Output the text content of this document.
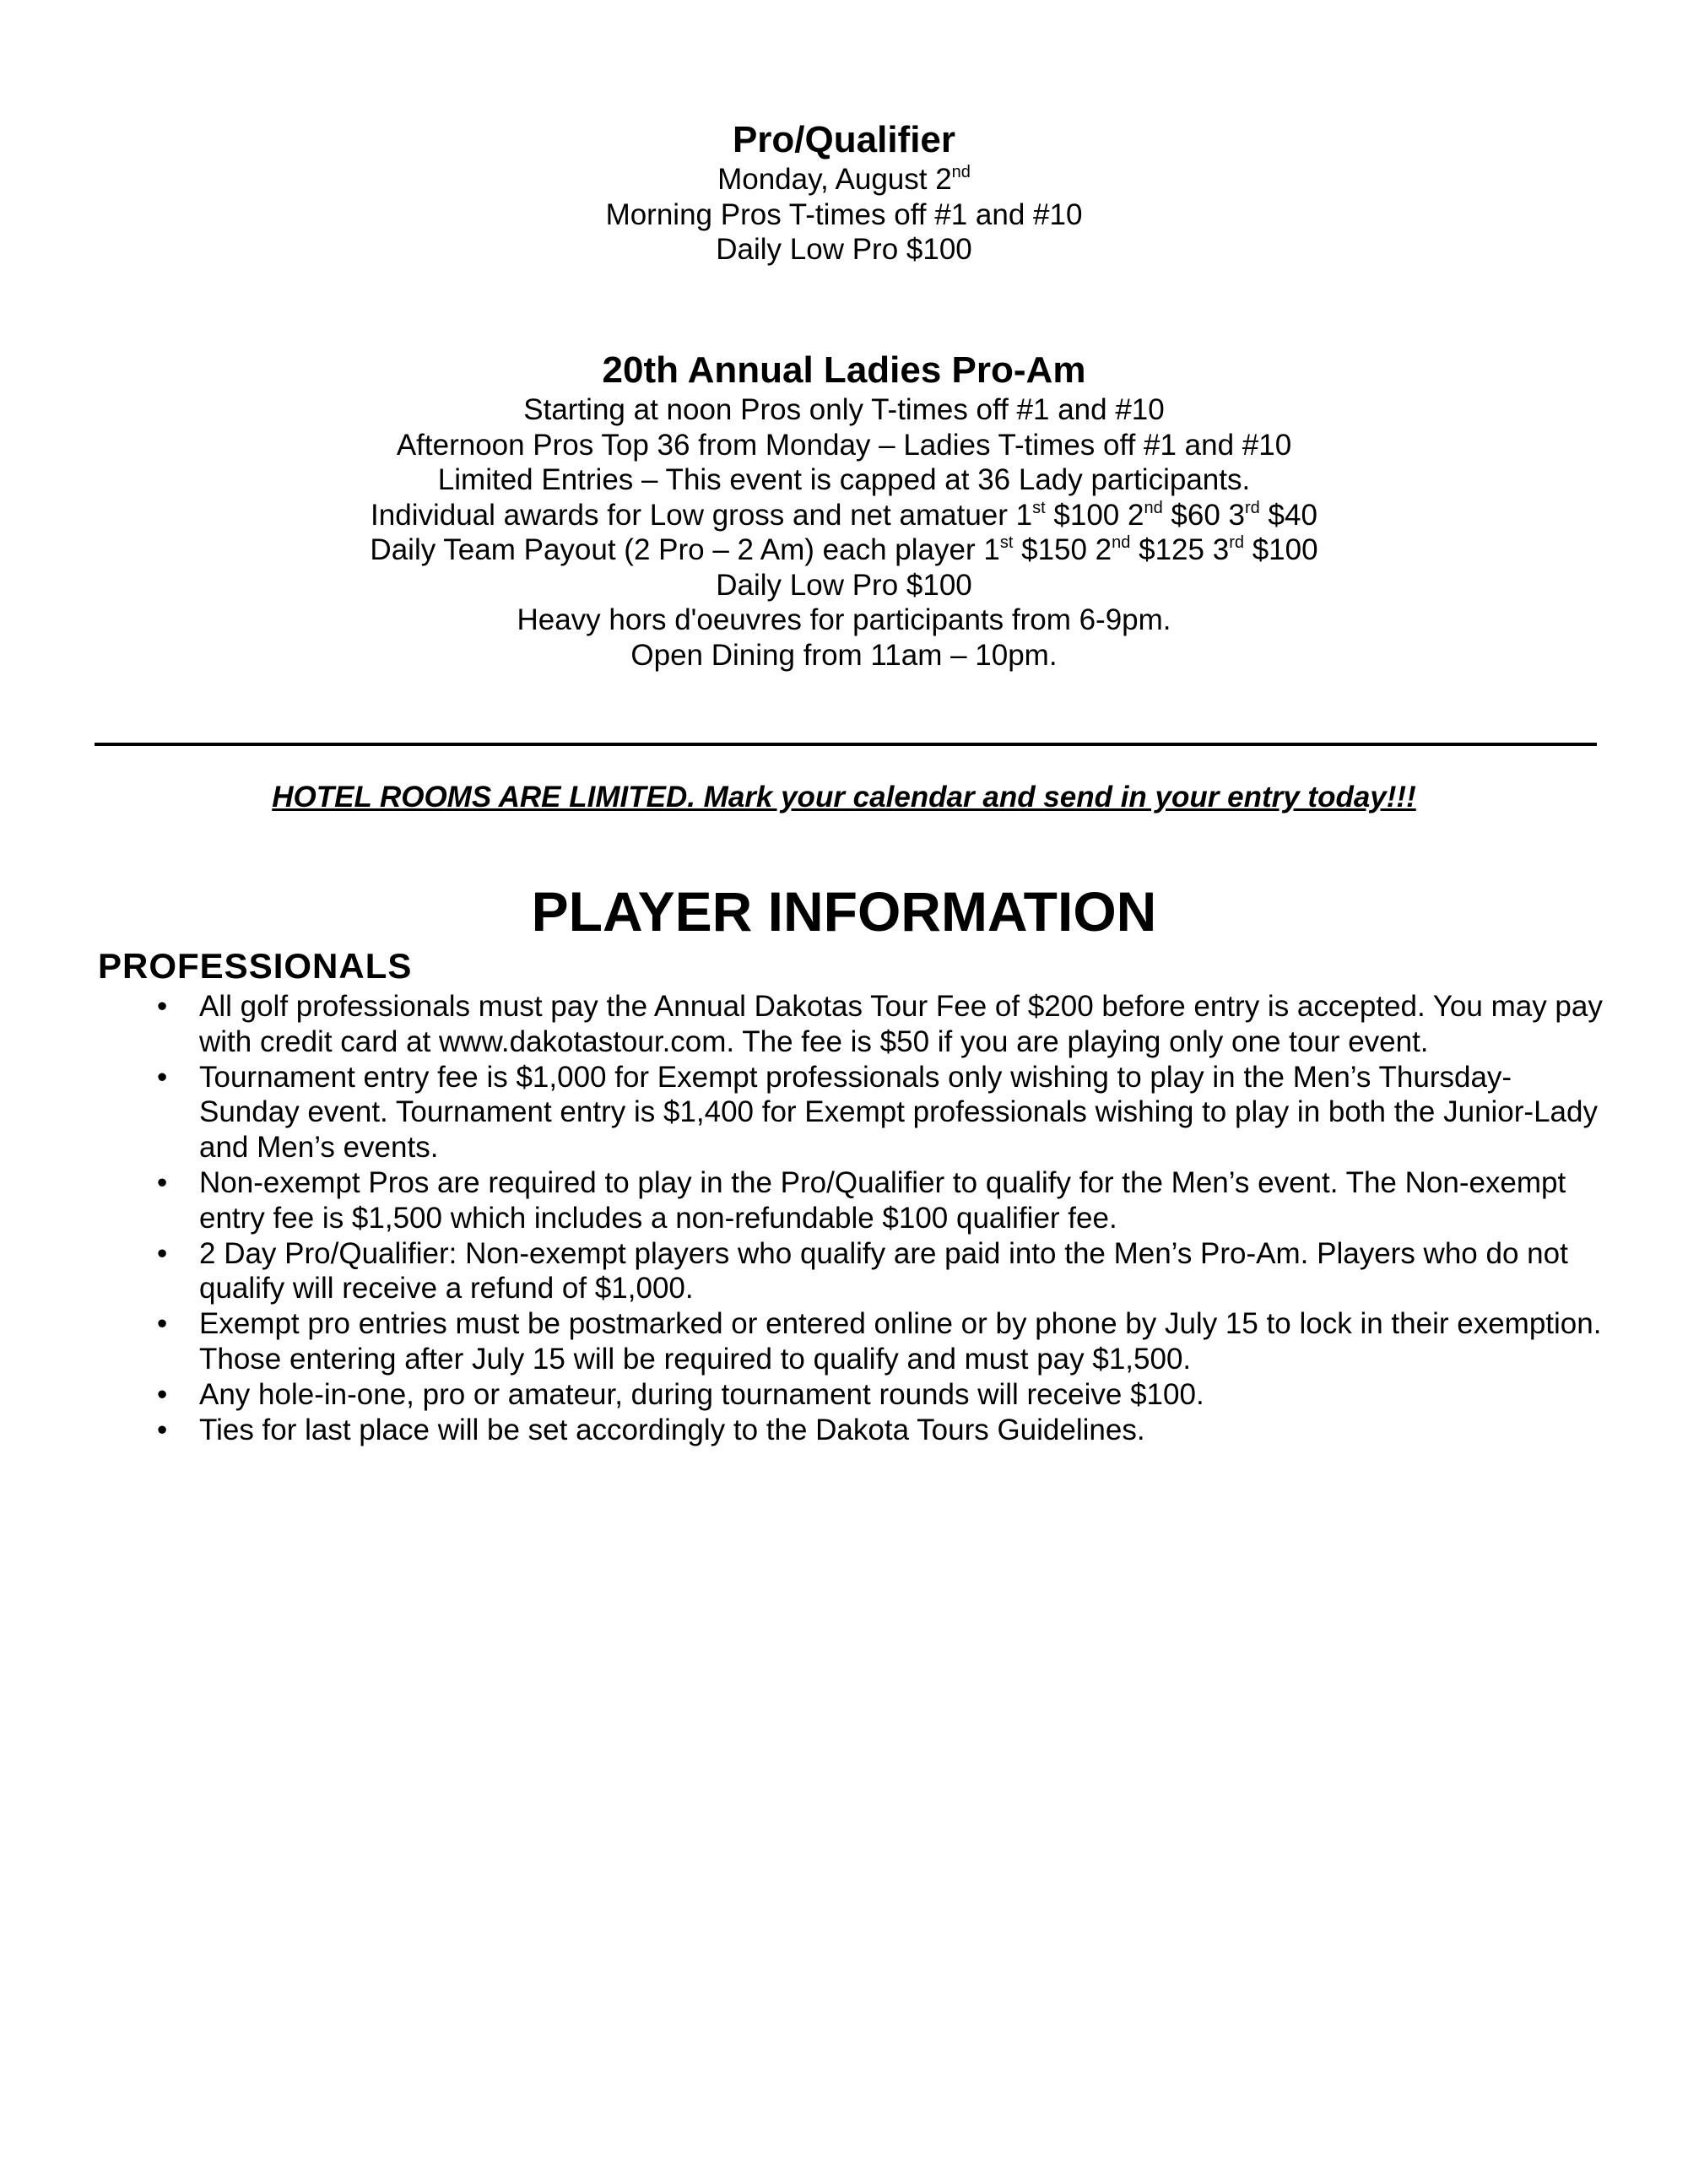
Pro/Qualifier

Monday, August 2nd

Morning Pros T-times off #1 and #10

Daily Low Pro $100

20th Annual Ladies Pro-Am

Starting at noon Pros only T-times off #1 and #10

Afternoon Pros Top 36 from Monday – Ladies T-times off #1 and #10

Limited Entries – This event is capped at 36 Lady participants.

Individual awards for Low gross and net amatuer 1st $100 2nd $60 3rd $40

Daily Team Payout (2 Pro – 2 Am) each player 1st $150 2nd $125 3rd $100

Daily Low Pro $100

Heavy hors d'oeuvres for participants from 6-9pm.

Open Dining from 11am – 10pm.

HOTEL ROOMS ARE LIMITED. Mark your calendar and send in your entry today!!!

PLAYER INFORMATION
PROFESSIONALS
• All golf professionals must pay the Annual Dakotas Tour Fee of $200 before entry is accepted. You may pay with credit card at www.dakotastour.com. The fee is $50 if you are playing only one tour event.
• Tournament entry fee is $1,000 for Exempt professionals only wishing to play in the Men’s Thursday-Sunday event. Tournament entry is $1,400 for Exempt professionals wishing to play in both the Junior-Lady and Men’s events.
• Non-exempt Pros are required to play in the Pro/Qualifier to qualify for the Men’s event. The Non-exempt entry fee is $1,500 which includes a non-refundable $100 qualifier fee.
• 2 Day Pro/Qualifier: Non-exempt players who qualify are paid into the Men’s Pro-Am. Players who do not qualify will receive a refund of $1,000.
• Exempt pro entries must be postmarked or entered online or by phone by July 15 to lock in their exemption. Those entering after July 15 will be required to qualify and must pay $1,500.
• Any hole-in-one, pro or amateur, during tournament rounds will receive $100.
• Ties for last place will be set accordingly to the Dakota Tours Guidelines.
